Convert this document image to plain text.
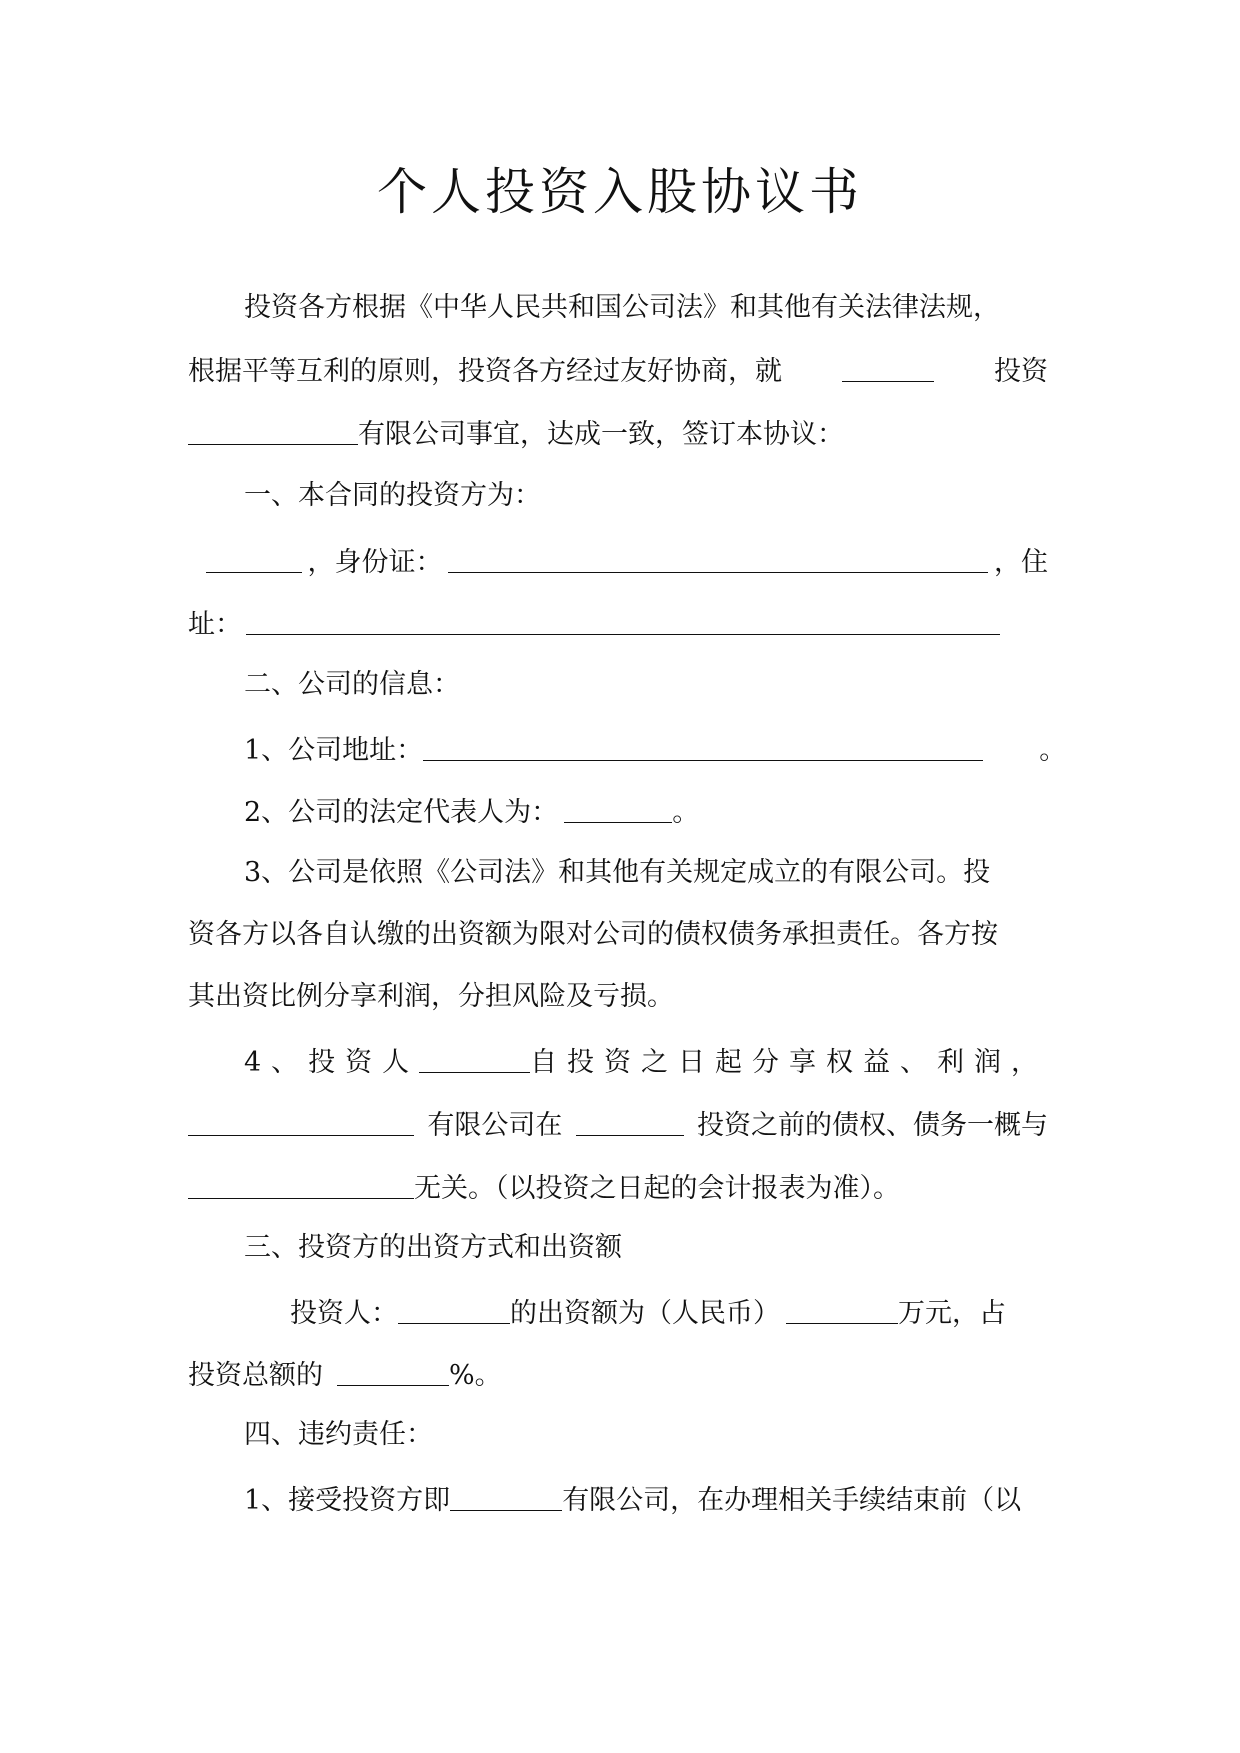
个人投资入股协议书
投资各方根据《中华人民共和国公司法》和其他有关法律法规，
根据平等互利的原则，投资各方经过友好协商，就	投资
有限公司事宜，达成一致，签订本协议：
一、本合同的投资方为：
，身份证：	，住
址：
二、公司的信息：
1、公司地址：	。
2、公司的法定代表人为：	。
3、公司是依照《公司法》和其他有关规定成立的有限公司。投
资各方以各自认缴的出资额为限对公司的债权债务承担责任。各方按
其出资比例分享利润，分担风险及亏损。
4、投资人	自投资之日起分享权益、利润，
有限公司在	投资之前的债权、债务一概与
无关。（以投资之日起的会计报表为准）。
三、投资方的出资方式和出资额
投资人：	的出资额为（人民币）	万元，占
投资总额的	%。
四、违约责任：
1、接受投资方即	有限公司，在办理相关手续结束前（以
